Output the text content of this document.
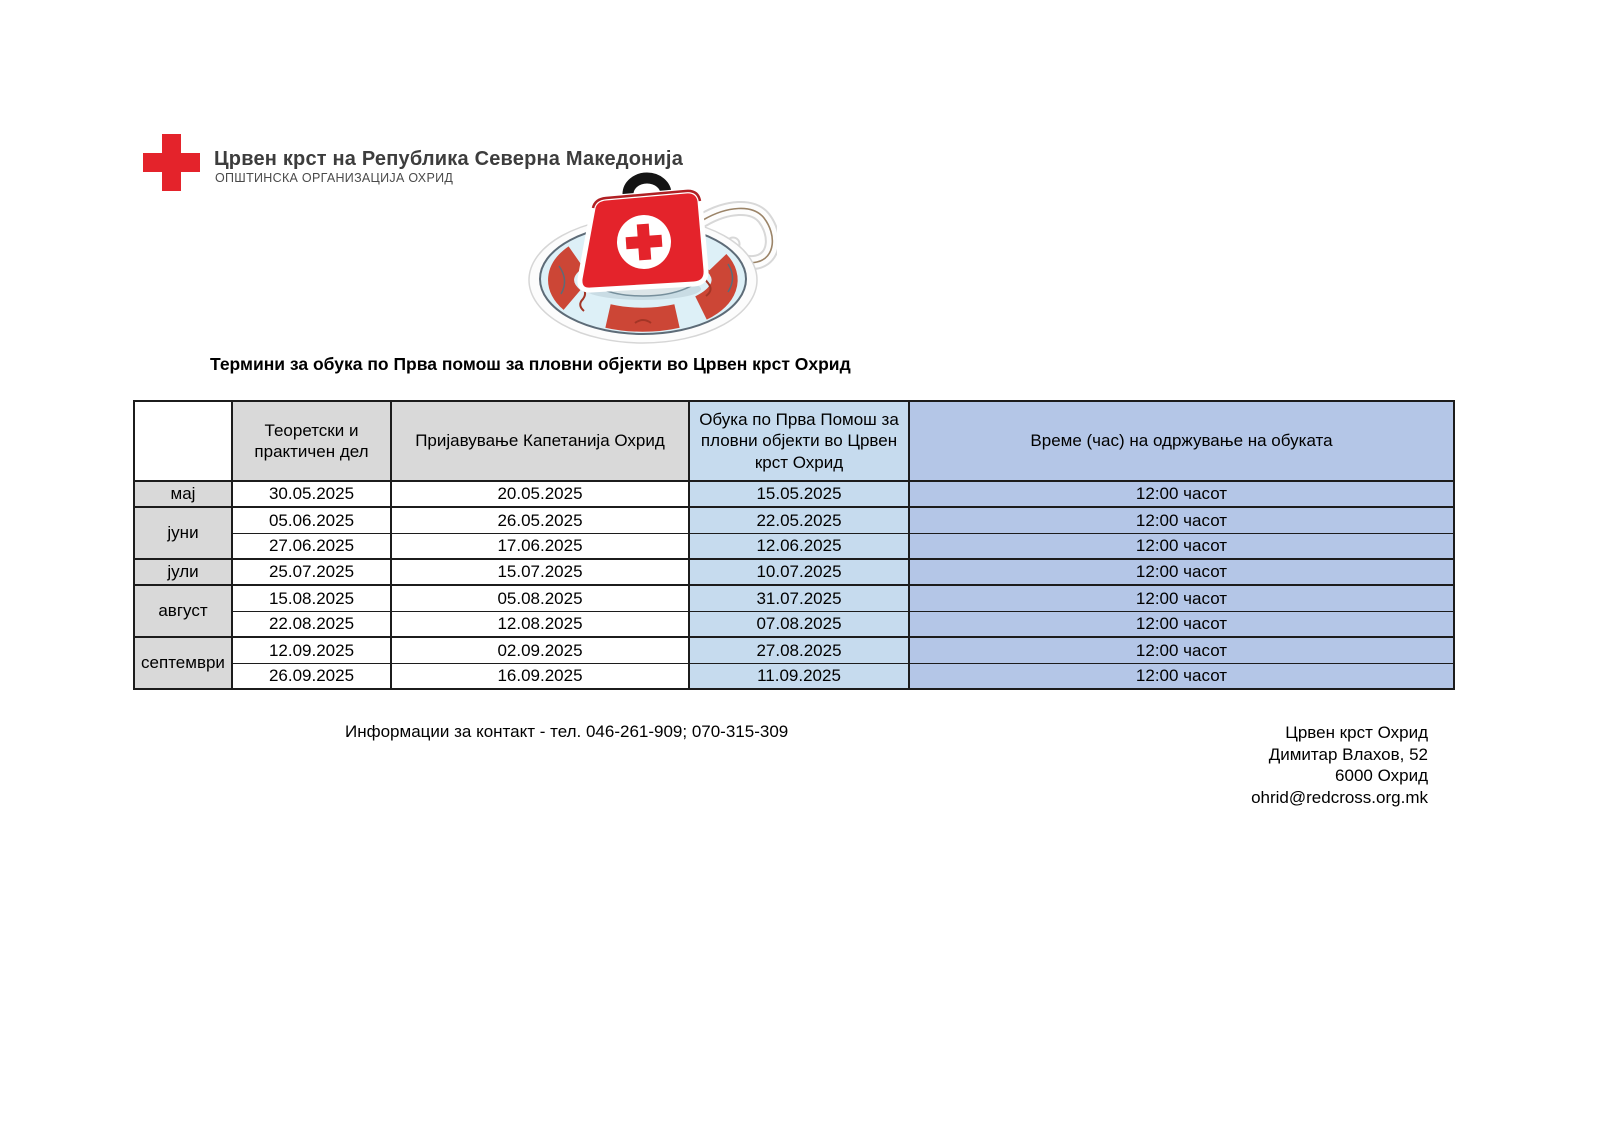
Црвен крст на Република Северна Македонија
ОПШТИНСКА ОРГАНИЗАЦИЈА ОХРИД
Термини за обука по Прва помош за пловни објекти во Црвен крст Охрид
	Теоретски и практичен дел	Пријавување Капетанија Охрид	Обука по Прва Помош за пловни објекти во Црвен крст Охрид	Време (час) на одржување на обуката
мај	30.05.2025	20.05.2025	15.05.2025	12:00 часот
јуни	05.06.2025	26.05.2025	22.05.2025	12:00 часот
	27.06.2025	17.06.2025	12.06.2025	12:00 часот
јули	25.07.2025	15.07.2025	10.07.2025	12:00 часот
август	15.08.2025	05.08.2025	31.07.2025	12:00 часот
	22.08.2025	12.08.2025	07.08.2025	12:00 часот
септември	12.09.2025	02.09.2025	27.08.2025	12:00 часот
	26.09.2025	16.09.2025	11.09.2025	12:00 часот
Информации за контакт - тел. 046-261-909; 070-315-309	Црвен крст Охрид
Димитар Влахов, 52
6000 Охрид
ohrid@redcross.org.mk
